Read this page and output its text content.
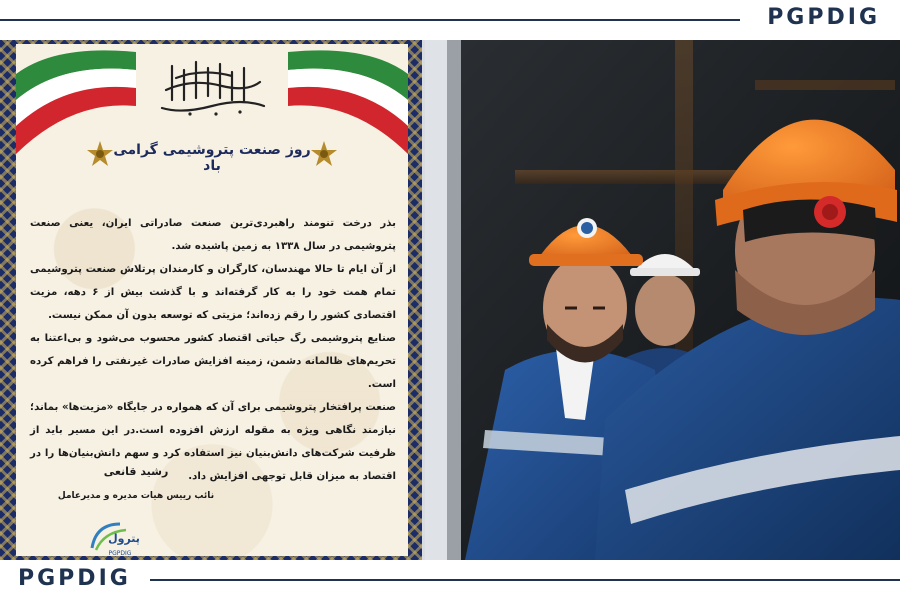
PGPDIG
روز صنعت پتروشیمی گرامی باد

بذر درخت تنومند راهبردی‌ترین صنعت صادراتی ایران، یعنی صنعت پتروشیمی در سال ۱۳۳۸ به زمین پاشیده شد.

از آن ایام تا حالا مهندسان، کارگران و کارمندان پرتلاش صنعت پتروشیمی تمام همت خود را به کار گرفته‌اند و با گذشت بیش از ۶ دهه، مزیت اقتصادی کشور را رقم زده‌اند؛ مزیتی که توسعه بدون آن ممکن نیست.

صنایع پتروشیمی رگ حیاتی اقتصاد کشور محسوب می‌شود و بی‌اعتنا به تحریم‌های ظالمانه دشمن، زمینه افزایش صادرات غیرنفتی را فراهم کرده است.

صنعت پرافتخار پتروشیمی برای آن که همواره در جایگاه «مزیت‌ها» بماند؛ نیازمند نگاهی ویژه به مقوله ارزش افزوده است.در این مسیر باید از ظرفیت شرکت‌های دانش‌بنیان نیز استفاده کرد و سهم دانش‌بنیان‌ها را در اقتصاد به میزان قابل توجهی افزایش داد.

رشید قانعی
نائب رییس هیات مدیره و مدیرعامل
پترول
PGPDIG
PGPDIG
